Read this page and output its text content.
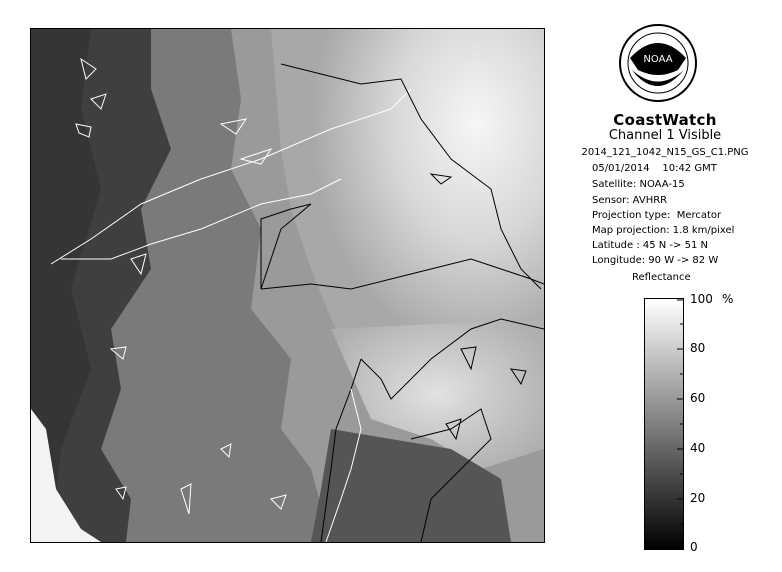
NOAA
CoastWatch
Channel 1 Visible
2014_121_1042_N15_GS_C1.PNG
05/01/2014    10:42 GMT
Satellite: NOAA-15
Sensor: AVHRR
Projection type:  Mercator
Map projection: 1.8 km/pixel
Latitude : 45 N -> 51 N
Longitude: 90 W -> 82 W
Reflectance
100 %
80
60
40
20
0
